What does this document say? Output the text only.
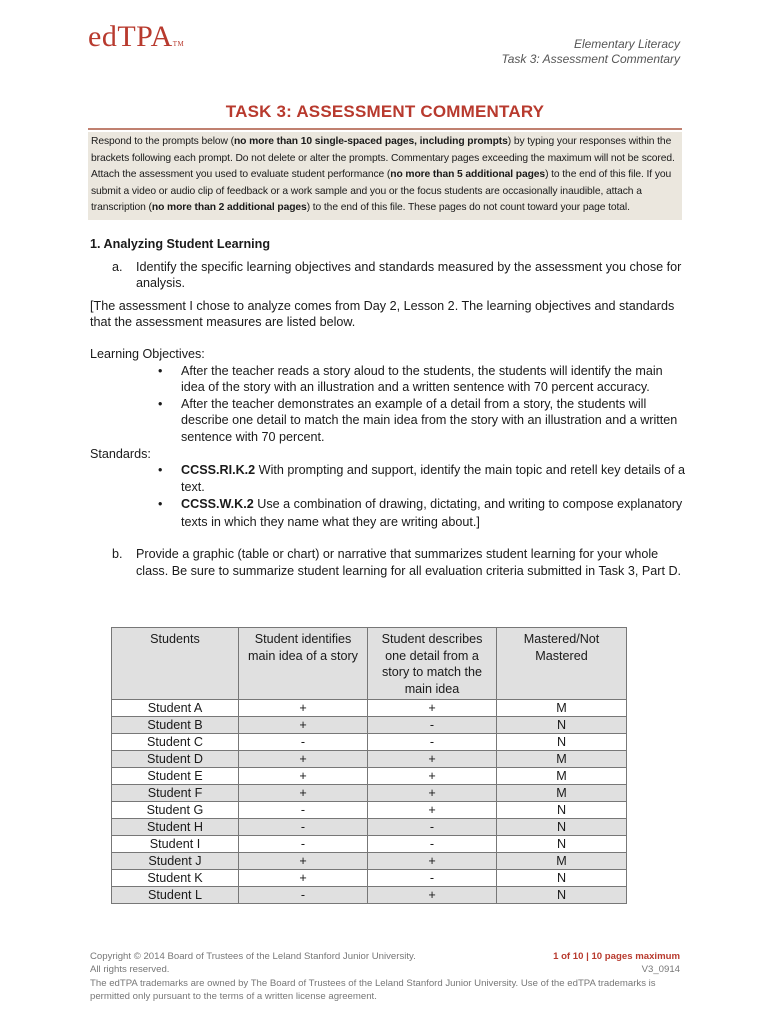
edTPATM	Elementary Literacy
Task 3: Assessment Commentary
TASK 3: ASSESSMENT COMMENTARY
Respond to the prompts below (no more than 10 single-spaced pages, including prompts) by typing your responses within the brackets following each prompt. Do not delete or alter the prompts. Commentary pages exceeding the maximum will not be scored. Attach the assessment you used to evaluate student performance (no more than 5 additional pages) to the end of this file. If you submit a video or audio clip of feedback or a work sample and you or the focus students are occasionally inaudible, attach a transcription (no more than 2 additional pages) to the end of this file. These pages do not count toward your page total.
1. Analyzing Student Learning
a. Identify the specific learning objectives and standards measured by the assessment you chose for analysis.

[The assessment I chose to analyze comes from Day 2, Lesson 2. The learning objectives and standards that the assessment measures are listed below.

Learning Objectives:

• After the teacher reads a story aloud to the students, the students will identify the main idea of the story with an illustration and a written sentence with 70 percent accuracy.
• After the teacher demonstrates an example of a detail from a story, the students will describe one detail to match the main idea from the story with an illustration and a written sentence with 70 percent.

Standards:

• CCSS.RI.K.2 With prompting and support, identify the main topic and retell key details of a text.
• CCSS.W.K.2 Use a combination of drawing, dictating, and writing to compose explanatory texts in which they name what they are writing about.]
b. Provide a graphic (table or chart) or narrative that summarizes student learning for your whole class. Be sure to summarize student learning for all evaluation criteria submitted in Task 3, Part D.
Students	Student identifies main idea of a story	Student describes one detail from a story to match the main idea	Mastered/Not Mastered
Student A	+	+	M
Student B	+	-	N
Student C	-	-	N
Student D	+	+	M
Student E	+	+	M
Student F	+	+	M
Student G	-	+	N
Student H	-	-	N
Student I	-	-	N
Student J	+	+	M
Student K	+	-	N
Student L	-	+	N
Copyright © 2014 Board of Trustees of the Leland Stanford Junior University.
All rights reserved.
The edTPA trademarks are owned by The Board of Trustees of the Leland Stanford Junior University. Use of the edTPA trademarks is permitted only pursuant to the terms of a written license agreement.
1 of 10 | 10 pages maximum
V3_0914
